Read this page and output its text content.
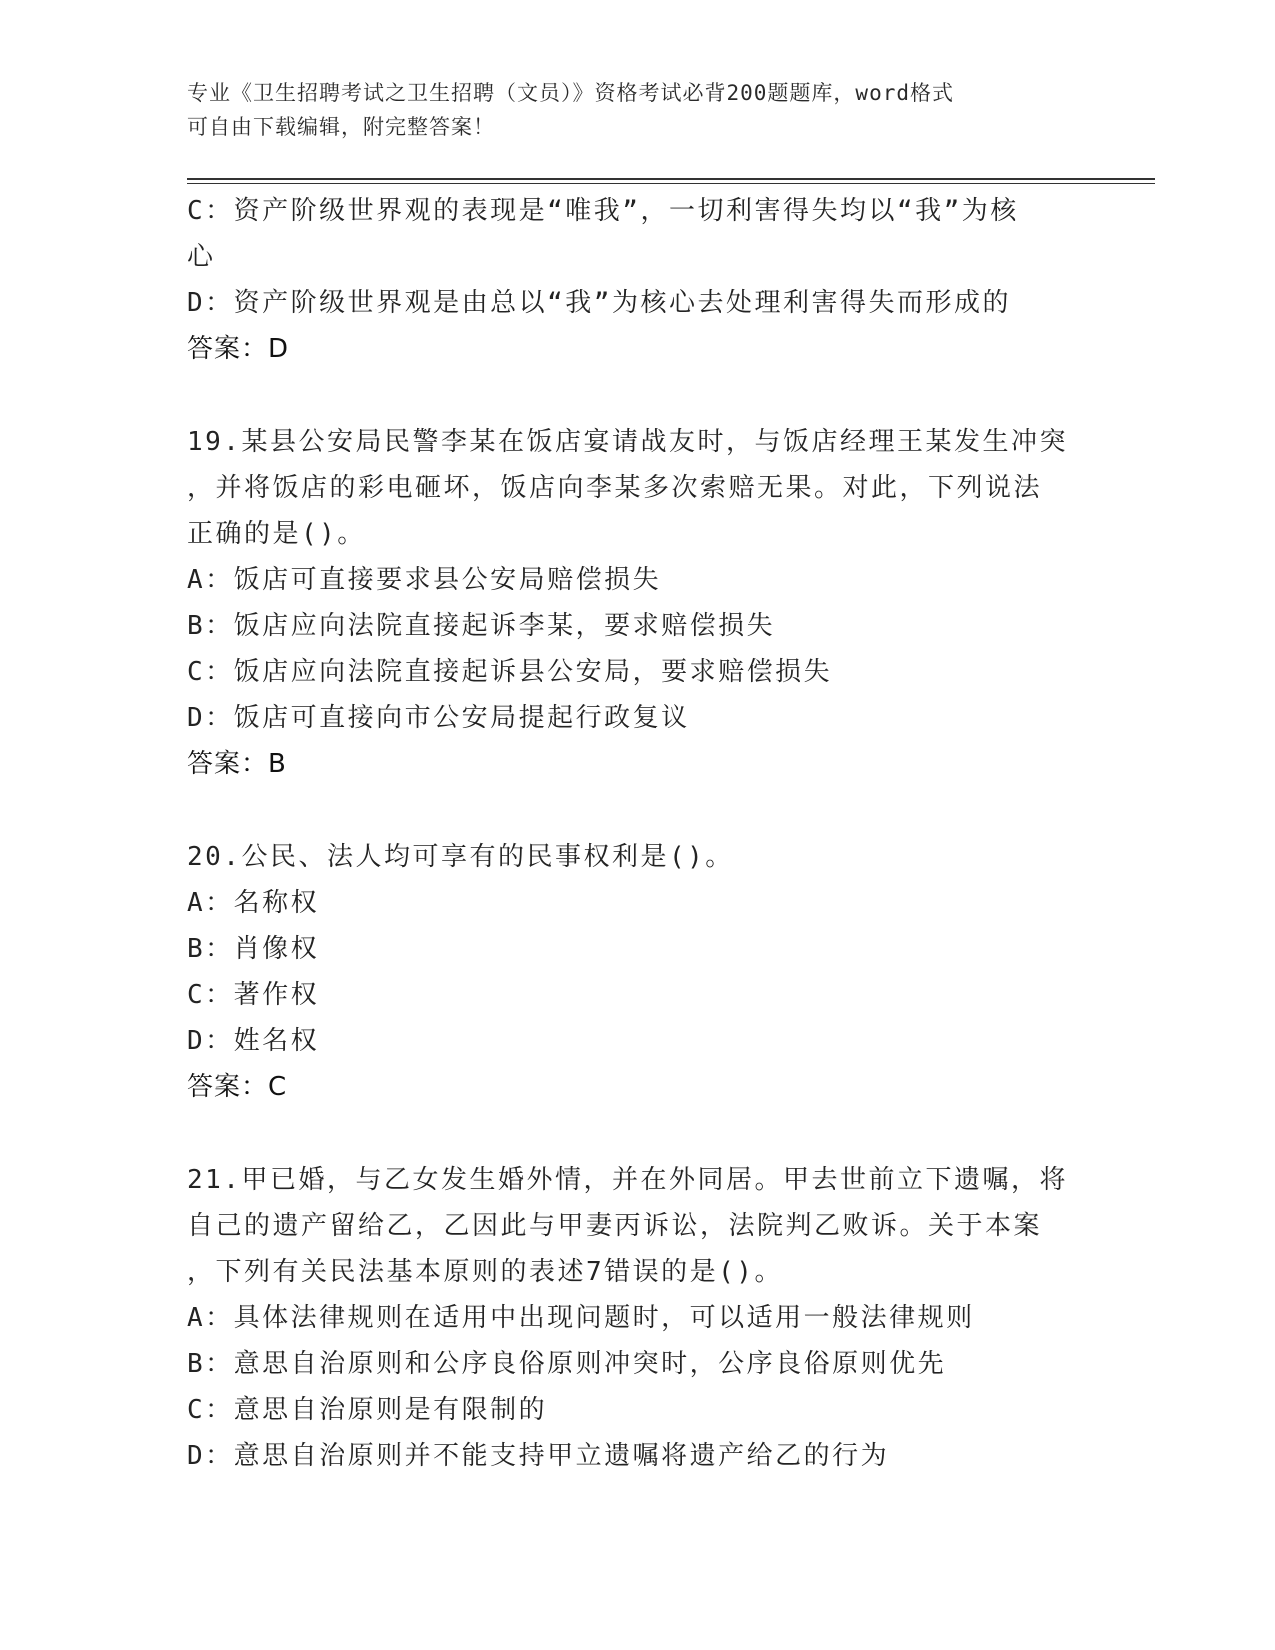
专业《卫生招聘考试之卫生招聘（文员）》资格考试必背200题题库，word格式
可自由下载编辑，附完整答案！
C：资产阶级世界观的表现是“唯我”，一切利害得失均以“我”为核
心
D：资产阶级世界观是由总以“我”为核心去处理利害得失而形成的
答案：D
19.某县公安局民警李某在饭店宴请战友时，与饭店经理王某发生冲突
，并将饭店的彩电砸坏，饭店向李某多次索赔无果。对此，下列说法
正确的是()。
A：饭店可直接要求县公安局赔偿损失
B：饭店应向法院直接起诉李某，要求赔偿损失
C：饭店应向法院直接起诉县公安局，要求赔偿损失
D：饭店可直接向市公安局提起行政复议
答案：B
20.公民、法人均可享有的民事权利是()。
A：名称权
B：肖像权
C：著作权
D：姓名权
答案：C
21.甲已婚，与乙女发生婚外情，并在外同居。甲去世前立下遗嘱，将
自己的遗产留给乙，乙因此与甲妻丙诉讼，法院判乙败诉。关于本案
，下列有关民法基本原则的表述7错误的是()。
A：具体法律规则在适用中出现问题时，可以适用一般法律规则
B：意思自治原则和公序良俗原则冲突时，公序良俗原则优先
C：意思自治原则是有限制的
D：意思自治原则并不能支持甲立遗嘱将遗产给乙的行为
